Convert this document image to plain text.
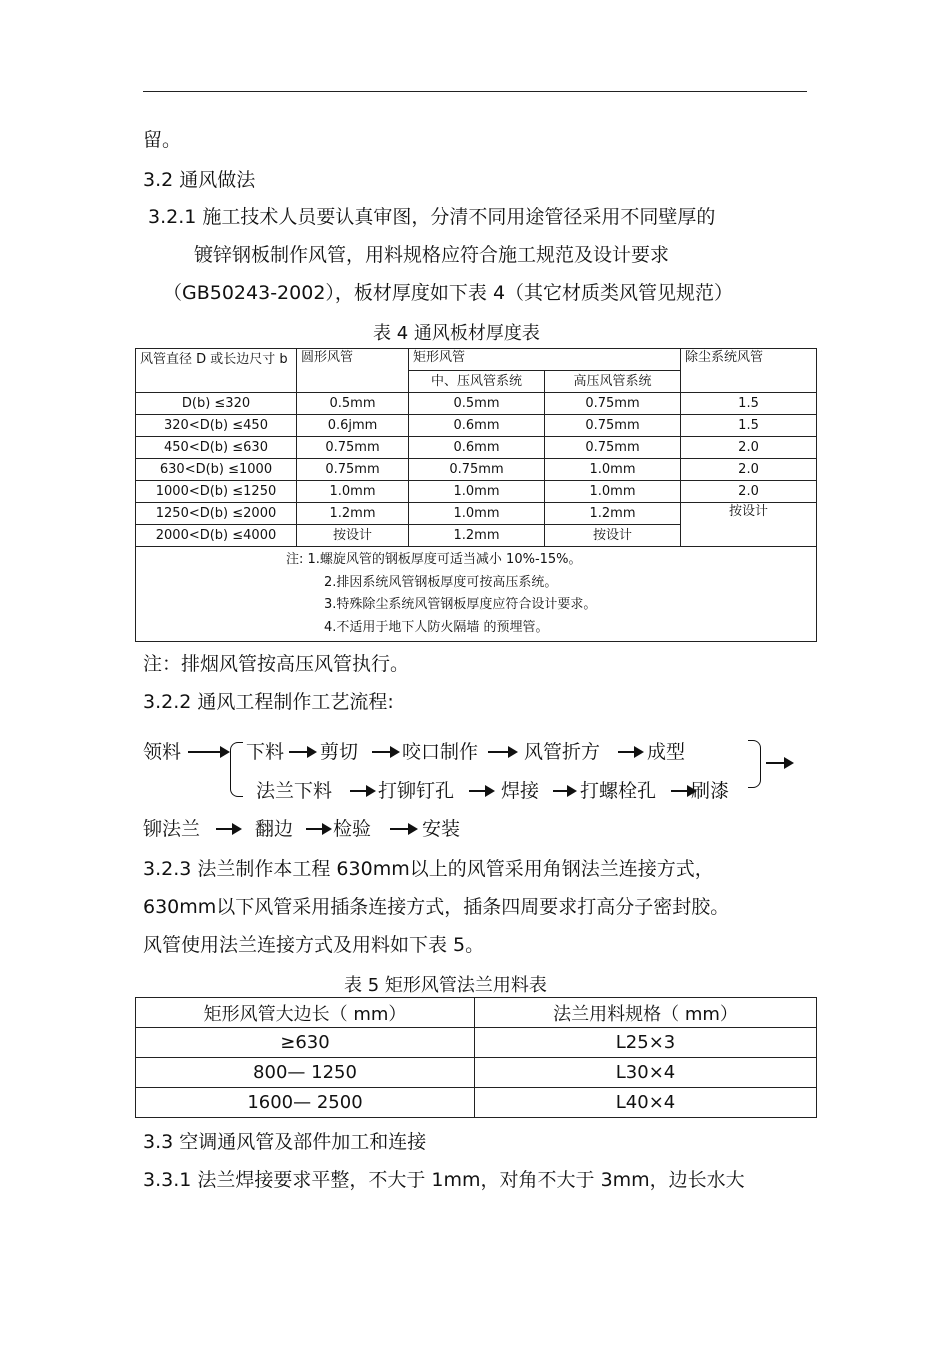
留。
3.2 通风做法
3.2.1 施工技术人员要认真审图，分清不同用途管径采用不同壁厚的
镀锌钢板制作风管，用料规格应符合施工规范及设计要求
（GB50243-2002），板材厚度如下表 4（其它材质类风管见规范）
表 4 通风板材厚度表
风管直径 D 或长边尺寸 b	圆形风管	矩形风管		除尘系统风管
		中、压风管系统	高压风管系统	
D(b) ≤320	0.5mm	0.5mm	0.75mm	1.5
320<D(b) ≤450	0.6jmm	0.6mm	0.75mm	1.5
450<D(b) ≤630	0.75mm	0.6mm	0.75mm	2.0
630<D(b) ≤1000	0.75mm	0.75mm	1.0mm	2.0
1000<D(b) ≤1250	1.0mm	1.0mm	1.0mm	2.0
1250<D(b) ≤2000	1.2mm	1.0mm	1.2mm	按设计
2000<D(b) ≤4000	按设计	1.2mm	按设计	

注: 1.螺旋风管的钢板厚度可适当减小 10%-15%。
2.排因系统风管钢板厚度可按高压系统。
3.特殊除尘系统风管钢板厚度应符合设计要求。
4.不适用于地下人防火隔墙 的预埋管。				
注：排烟风管按高压风管执行。
3.2.2 通风工程制作工艺流程:
领料	下料 剪切 咬口制作 风管折方 成型
法兰下料 打铆钉孔 焊接 打螺栓孔 刷漆
铆法兰	翻边 检验	安装
3.2.3 法兰制作本工程 630mm以上的风管采用角钢法兰连接方式，
630mm以下风管采用插条连接方式，插条四周要求打高分子密封胶。
风管使用法兰连接方式及用料如下表 5。
表 5 矩形风管法兰用料表
矩形风管大边长（ mm）	法兰用料规格（ mm）
≥630	L25×3
800— 1250	L30×4
1600— 2500	L40×4
3.3 空调通风管及部件加工和连接
3.3.1 法兰焊接要求平整，不大于 1mm，对角不大于 3mm，边长水大
